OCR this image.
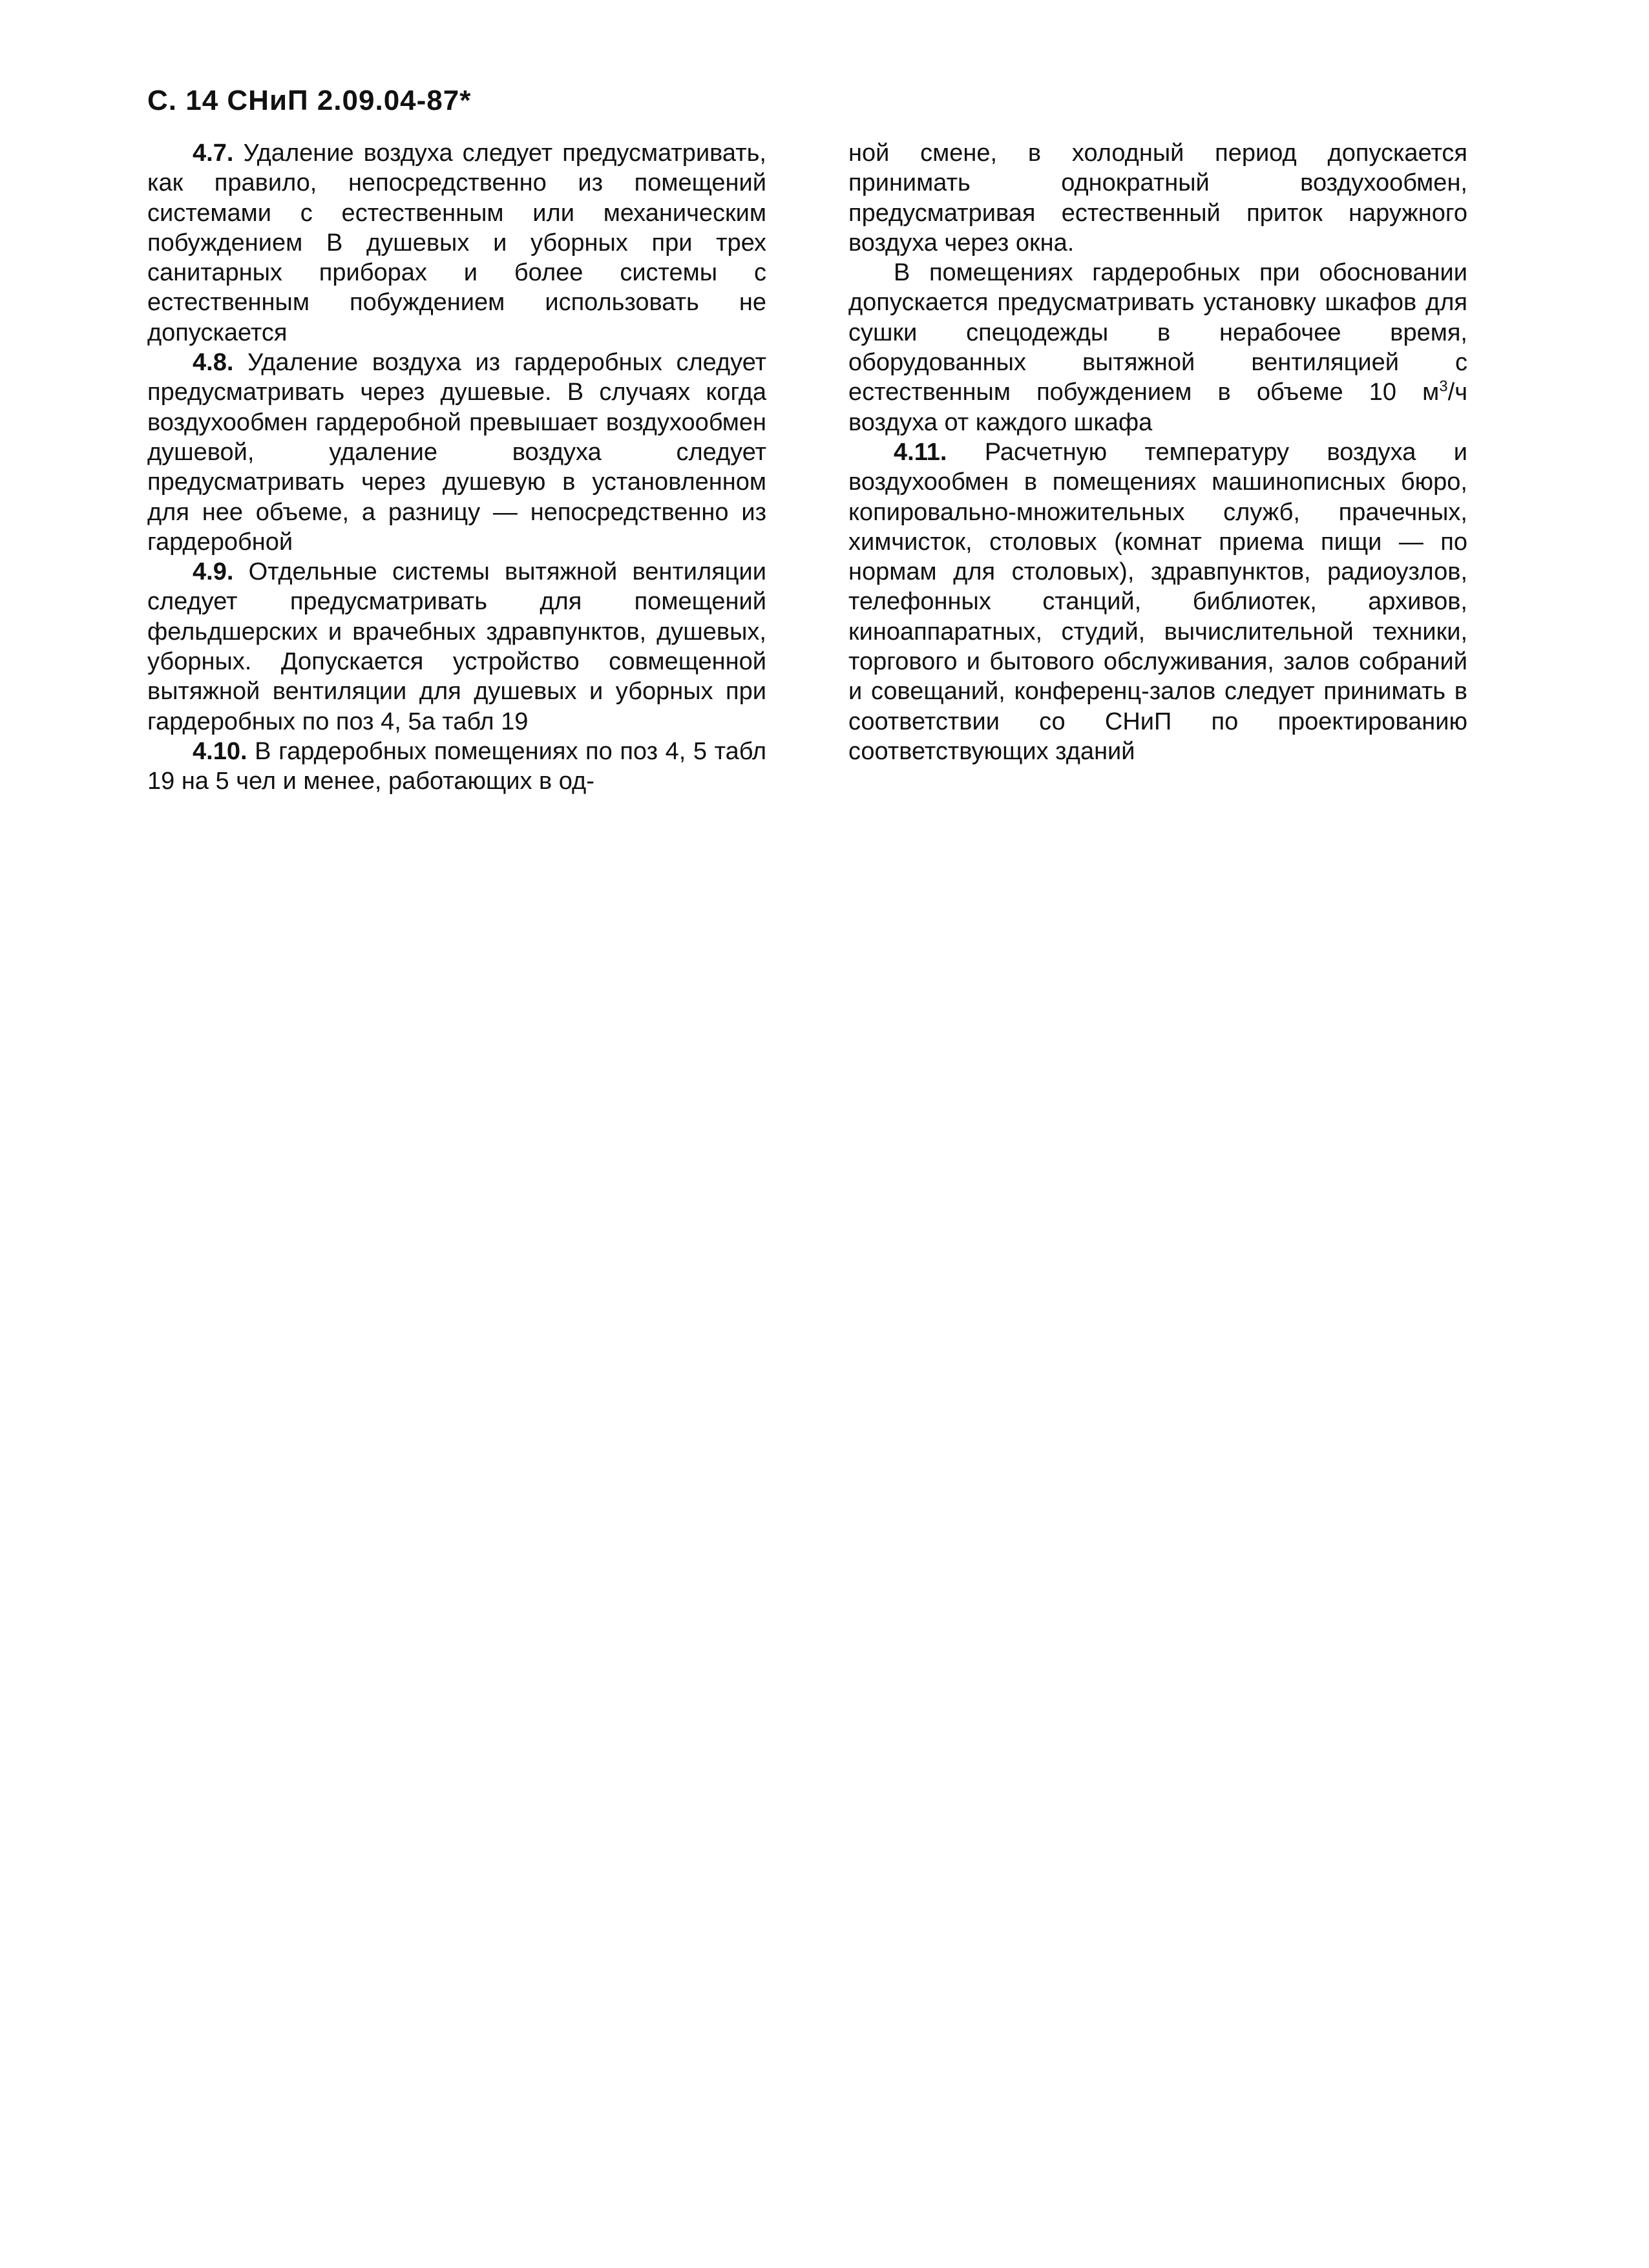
С. 14 СНиП 2.09.04-87*

4.7. Удаление воздуха следует предусматривать, как правило, непосредственно из помещений системами с естественным или механическим побуждением В душевых и уборных при трех санитарных приборах и более системы с естественным побуждением использовать не допускается

4.8. Удаление воздуха из гардеробных следует предусматривать через душевые. В случаях когда воздухообмен гардеробной превышает воздухообмен душевой, удаление воздуха следует предусматривать через душевую в установленном для нее объеме, а разницу — непосредственно из гардеробной

4.9. Отдельные системы вытяжной вентиляции следует предусматривать для помещений фельдшерских и врачебных здравпунктов, душевых, уборных. Допускается устройство совмещенной вытяжной вентиляции для душевых и уборных при гардеробных по поз 4, 5а табл 19

4.10. В гардеробных помещениях по поз 4, 5 табл 19 на 5 чел и менее, работающих в од-

ной смене, в холодный период допускается принимать однократный воздухообмен, предусматривая естественный приток наружного воздуха через окна.

В помещениях гардеробных при обосновании допускается предусматривать установку шкафов для сушки спецодежды в нерабочее время, оборудованных вытяжной вентиляцией с естественным побуждением в объеме 10 $м^3/ч$ воздуха от каждого шкафа

4.11. Расчетную температуру воздуха и воздухообмен в помещениях машинописных бюро, копировально-множительных служб, прачечных, химчисток, столовых (комнат приема пищи — по нормам для столовых), здравпунктов, радиоузлов, телефонных станций, библиотек, архивов, киноаппаратных, студий, вычислительной техники, торгового и бытового обслуживания, залов собраний и совещаний, конференц-залов следует принимать в соответствии со СНиП по проектированию соответствующих зданий
